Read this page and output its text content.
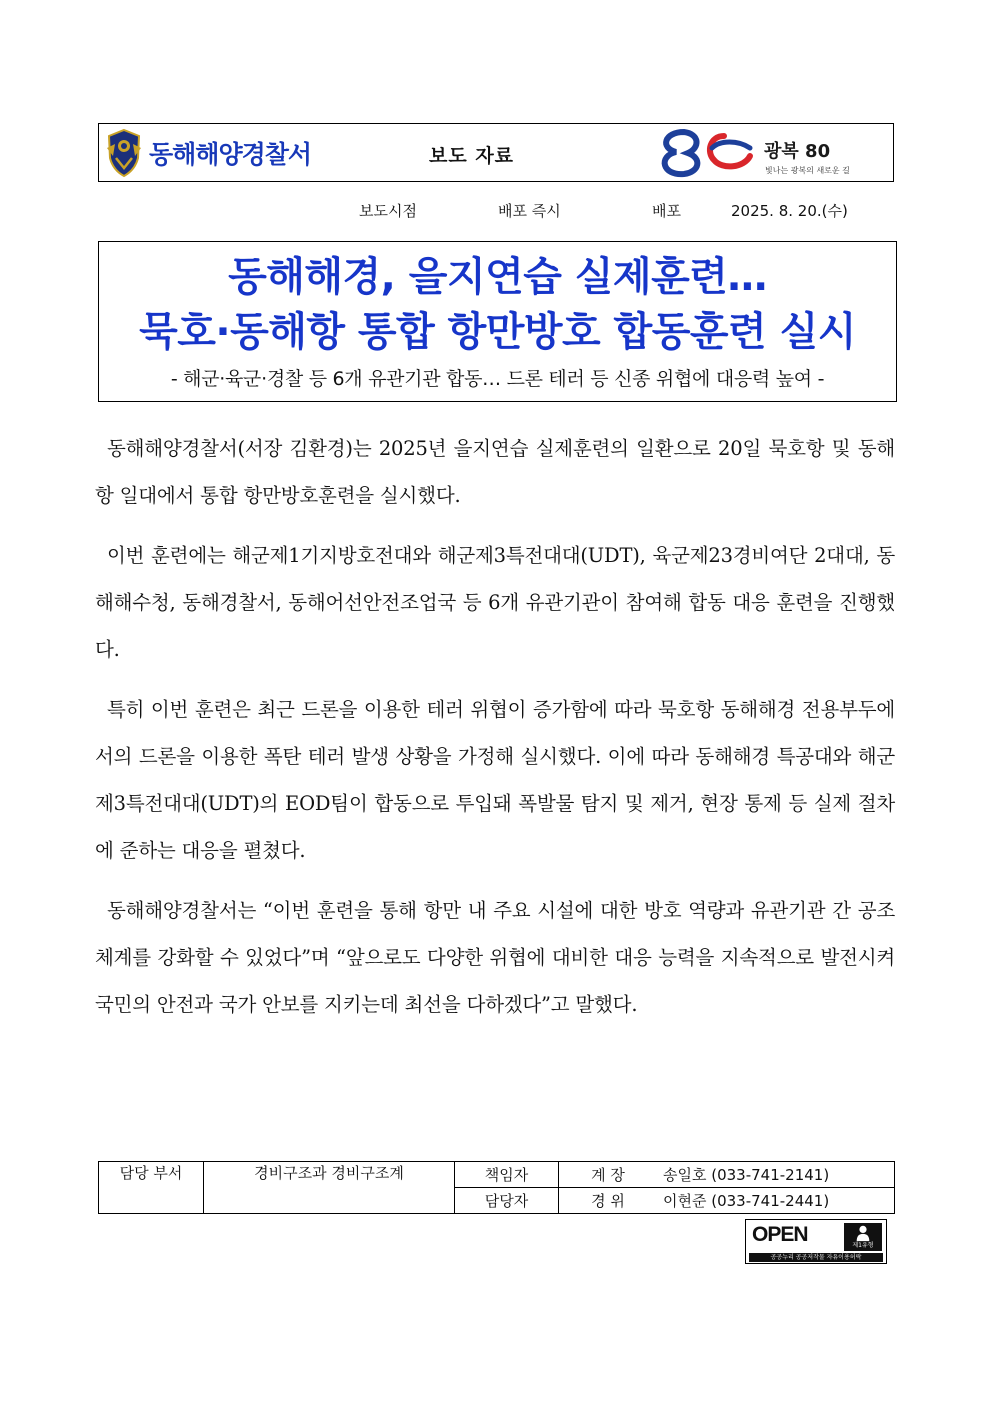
동해해양경찰서	보도 자료	광복 80
빛나는 광복의 새로운 길
보도시점	배포 즉시	배포	2025. 8. 20.(수)
동해해경, 을지연습 실제훈련…
묵호·동해항 통합 항만방호 합동훈련 실시
- 해군·육군·경찰 등 6개 유관기관 합동… 드론 테러 등 신종 위협에 대응력 높여 -

동해해양경찰서(서장 김환경)는 2025년 을지연습 실제훈련의 일환으로 20일 묵호항 및 동해항 일대에서 통합 항만방호훈련을 실시했다.

이번 훈련에는 해군제1기지방호전대와 해군제3특전대대(UDT), 육군제23경비여단 2대대, 동해해수청, 동해경찰서, 동해어선안전조업국 등 6개 유관기관이 참여해 합동 대응 훈련을 진행했다.

특히 이번 훈련은 최근 드론을 이용한 테러 위협이 증가함에 따라 묵호항 동해해경 전용부두에서의 드론을 이용한 폭탄 테러 발생 상황을 가정해 실시했다. 이에 따라 동해해경 특공대와 해군제3특전대대(UDT)의 EOD팀이 합동으로 투입돼 폭발물 탐지 및 제거, 현장 통제 등 실제 절차에 준하는 대응을 펼쳤다.

동해해양경찰서는 “이번 훈련을 통해 항만 내 주요 시설에 대한 방호 역량과 유관기관 간 공조체계를 강화할 수 있었다”며 “앞으로도 다양한 위협에 대비한 대응 능력을 지속적으로 발전시켜 국민의 안전과 국가 안보를 지키는데 최선을 다하겠다”고 말했다.

담당 부서	경비구조과 경비구조계	책임자	계 장	송일호 (033-741-2141)
		담당자	경 위	이현준 (033-741-2441)
OPEN	제1유형
공공누리 공공저작물 자유이용허락
